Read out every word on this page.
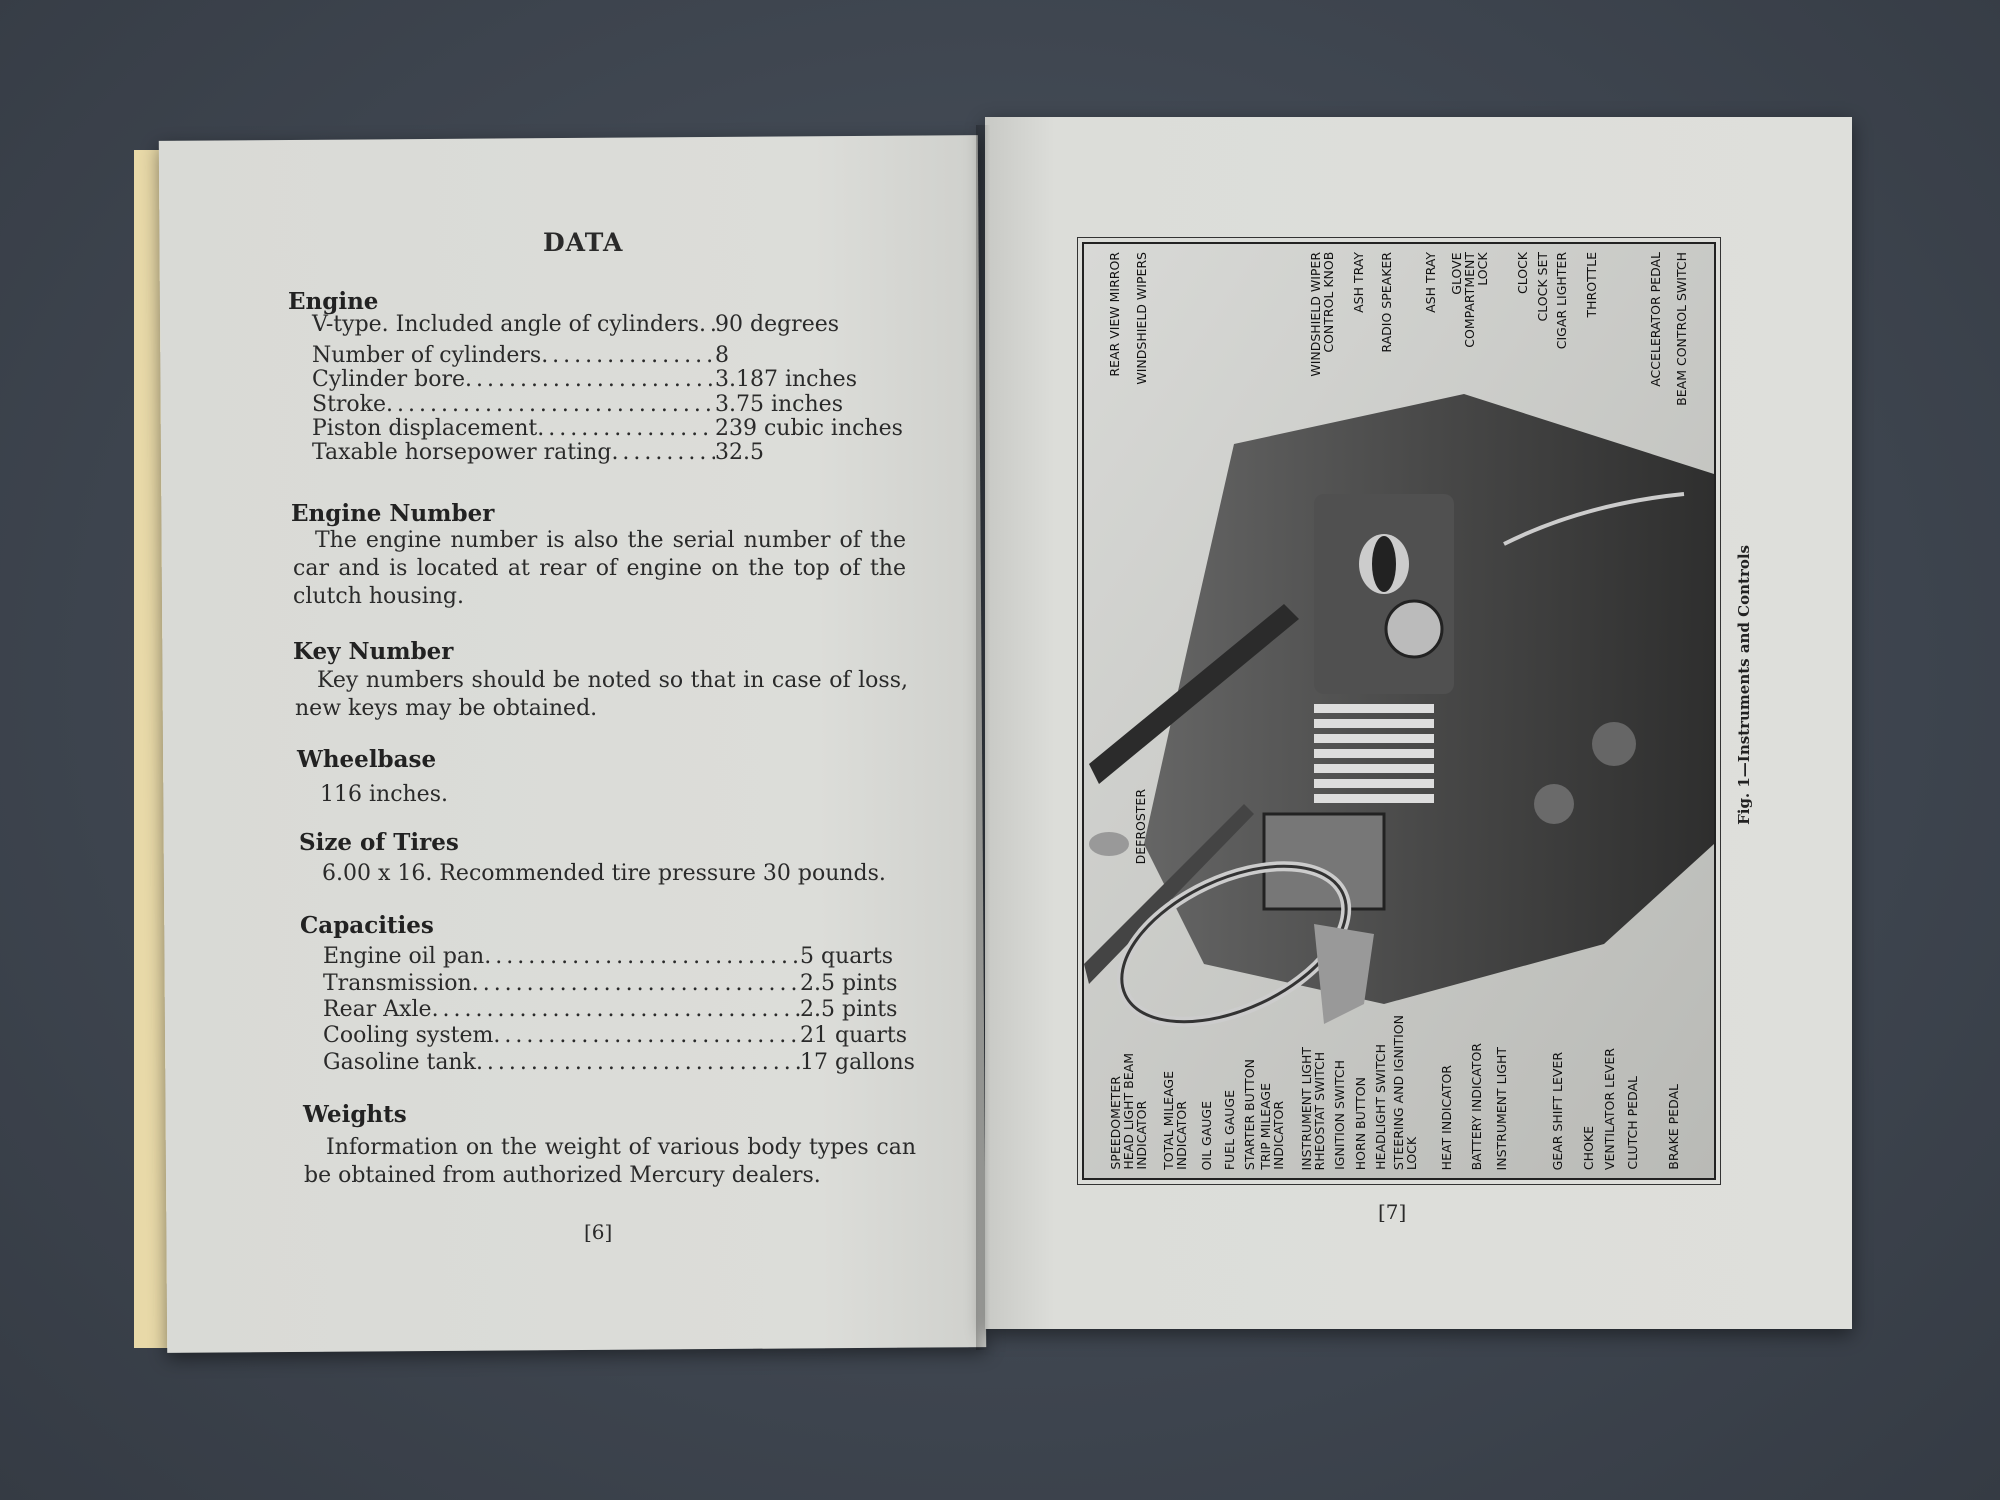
DATA
Engine
V-type. Included angle of cylinders ..... 90 degrees
Number of cylinders .....	8
Cylinder bore .....	3.187 inches
Stroke .....	3.75 inches
Piston displacement .....	239 cubic inches
Taxable horsepower rating .....	32.5
Engine Number
The engine number is also the serial number of the car and is located at rear of engine on the top of the clutch housing.
Key Number
Key numbers should be noted so that in case of loss, new keys may be obtained.
Wheelbase
116 inches.
Size of Tires
6.00 x 16. Recommended tire pressure 30 pounds.
Capacities
Engine oil pan .....	5 quarts
Transmission .....	2.5 pints
Rear Axle .....	2.5 pints
Cooling system .....	21 quarts
Gasoline tank .....	17 gallons
Weights
Information on the weight of various body types can be obtained from authorized Mercury dealers.
[6]
REAR VIEW MIRROR WINDSHIELD WIPERS	WINDSHIELD WIPER
CONTROL KNOB ASH TRAY RADIO SPEAKER ASH TRAY GLOVE
COMPARTMENT
LOCK CLOCK CLOCK SET CIGAR LIGHTER THROTTLE	ACCELERATOR PEDAL BEAM CONTROL SWITCH
SPEEDOMETER
HEAD LIGHT BEAM
INDICATOR TOTAL MILEAGE
INDICATOR OIL GAUGE FUEL GAUGE STARTER BUTTON TRIP MILEAGE
INDICATOR INSTRUMENT LIGHT
RHEOSTAT SWITCH IGNITION SWITCH HORN BUTTON HEADLIGHT SWITCH STEERING AND IGNITION
LOCK HEAT INDICATOR BATTERY INDICATOR INSTRUMENT LIGHT	GEAR SHIFT LEVER CHOKE VENTILATOR LEVER CLUTCH PEDAL BRAKE PEDAL
DEFROSTER
Fig. 1—Instruments and Controls
[7]
